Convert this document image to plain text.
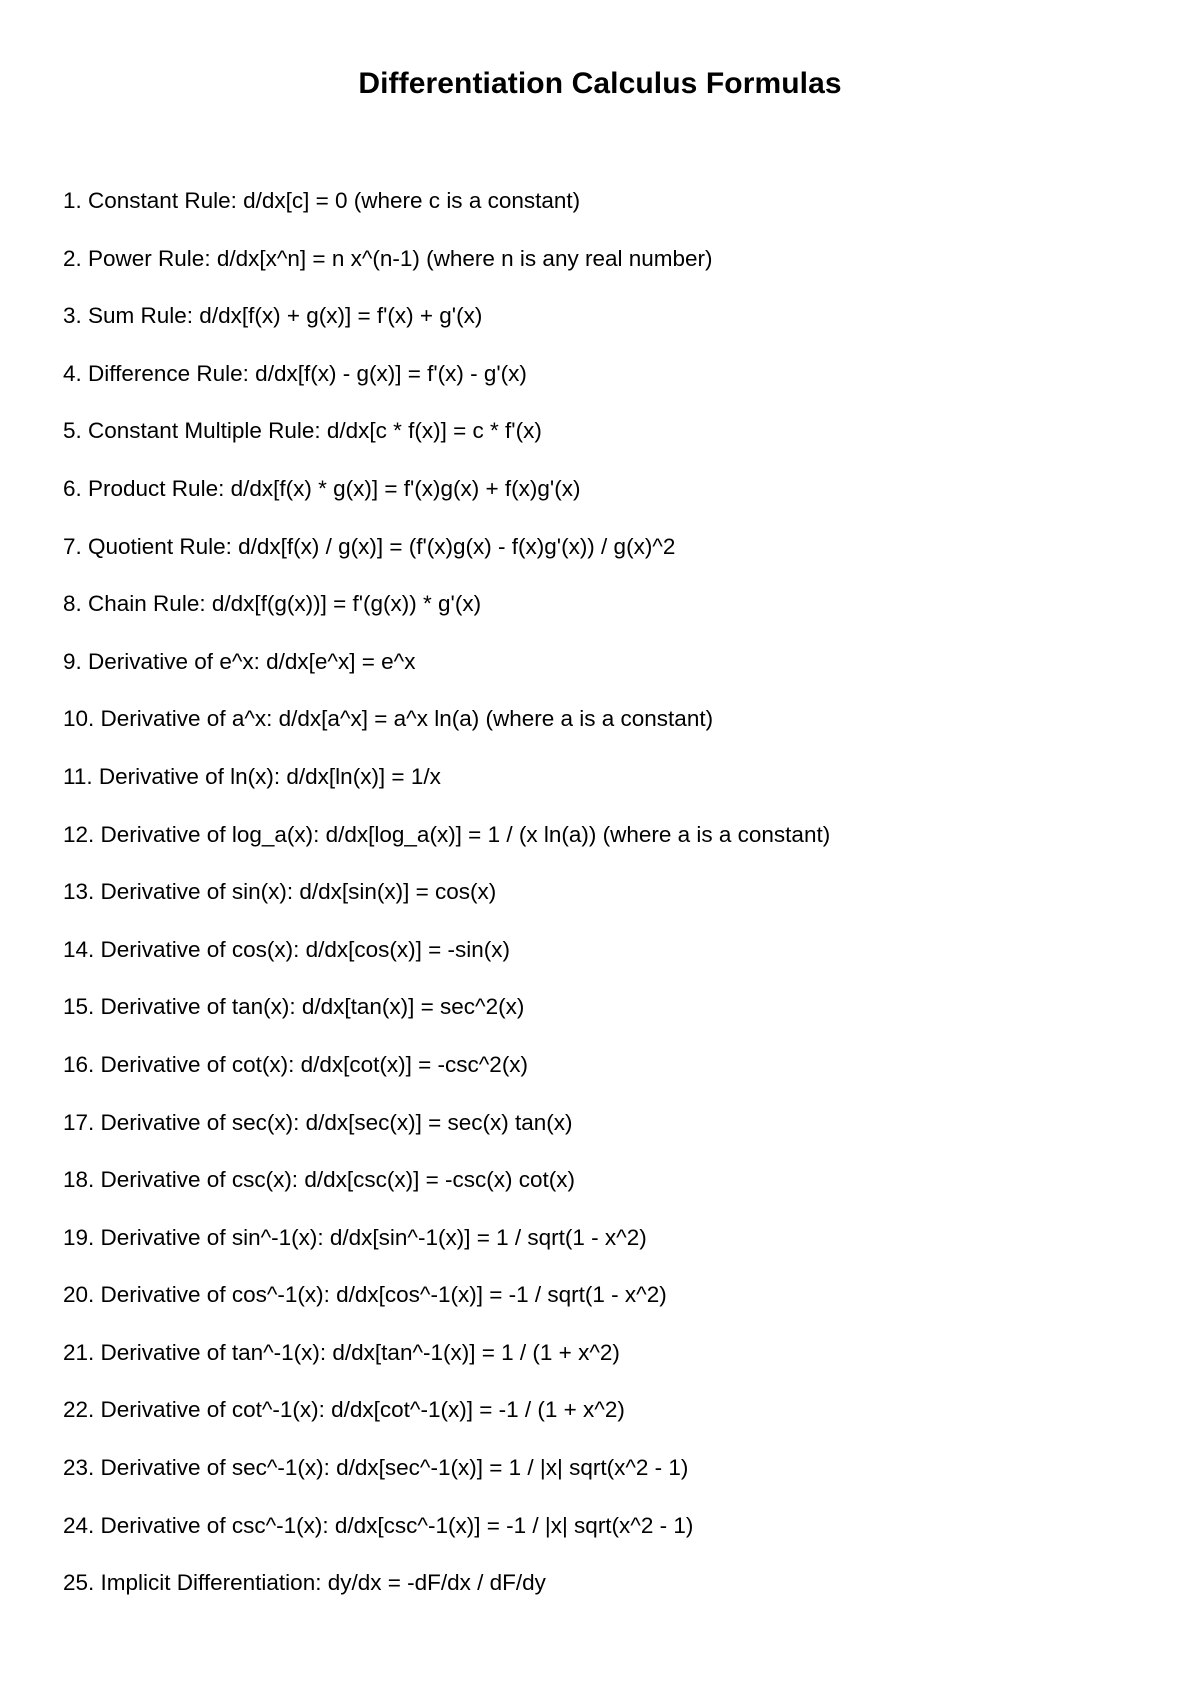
Differentiation Calculus Formulas
1. Constant Rule: d/dx[c] = 0 (where c is a constant)
2. Power Rule: d/dx[x^n] = n x^(n-1) (where n is any real number)
3. Sum Rule: d/dx[f(x) + g(x)] = f'(x) + g'(x)
4. Difference Rule: d/dx[f(x) - g(x)] = f'(x) - g'(x)
5. Constant Multiple Rule: d/dx[c * f(x)] = c * f'(x)
6. Product Rule: d/dx[f(x) * g(x)] = f'(x)g(x) + f(x)g'(x)
7. Quotient Rule: d/dx[f(x) / g(x)] = (f'(x)g(x) - f(x)g'(x)) / g(x)^2
8. Chain Rule: d/dx[f(g(x))] = f'(g(x)) * g'(x)
9. Derivative of e^x: d/dx[e^x] = e^x
10. Derivative of a^x: d/dx[a^x] = a^x ln(a) (where a is a constant)
11. Derivative of ln(x): d/dx[ln(x)] = 1/x
12. Derivative of log_a(x): d/dx[log_a(x)] = 1 / (x ln(a)) (where a is a constant)
13. Derivative of sin(x): d/dx[sin(x)] = cos(x)
14. Derivative of cos(x): d/dx[cos(x)] = -sin(x)
15. Derivative of tan(x): d/dx[tan(x)] = sec^2(x)
16. Derivative of cot(x): d/dx[cot(x)] = -csc^2(x)
17. Derivative of sec(x): d/dx[sec(x)] = sec(x) tan(x)
18. Derivative of csc(x): d/dx[csc(x)] = -csc(x) cot(x)
19. Derivative of sin^-1(x): d/dx[sin^-1(x)] = 1 / sqrt(1 - x^2)
20. Derivative of cos^-1(x): d/dx[cos^-1(x)] = -1 / sqrt(1 - x^2)
21. Derivative of tan^-1(x): d/dx[tan^-1(x)] = 1 / (1 + x^2)
22. Derivative of cot^-1(x): d/dx[cot^-1(x)] = -1 / (1 + x^2)
23. Derivative of sec^-1(x): d/dx[sec^-1(x)] = 1 / |x| sqrt(x^2 - 1)
24. Derivative of csc^-1(x): d/dx[csc^-1(x)] = -1 / |x| sqrt(x^2 - 1)
25. Implicit Differentiation: dy/dx = -dF/dx / dF/dy
